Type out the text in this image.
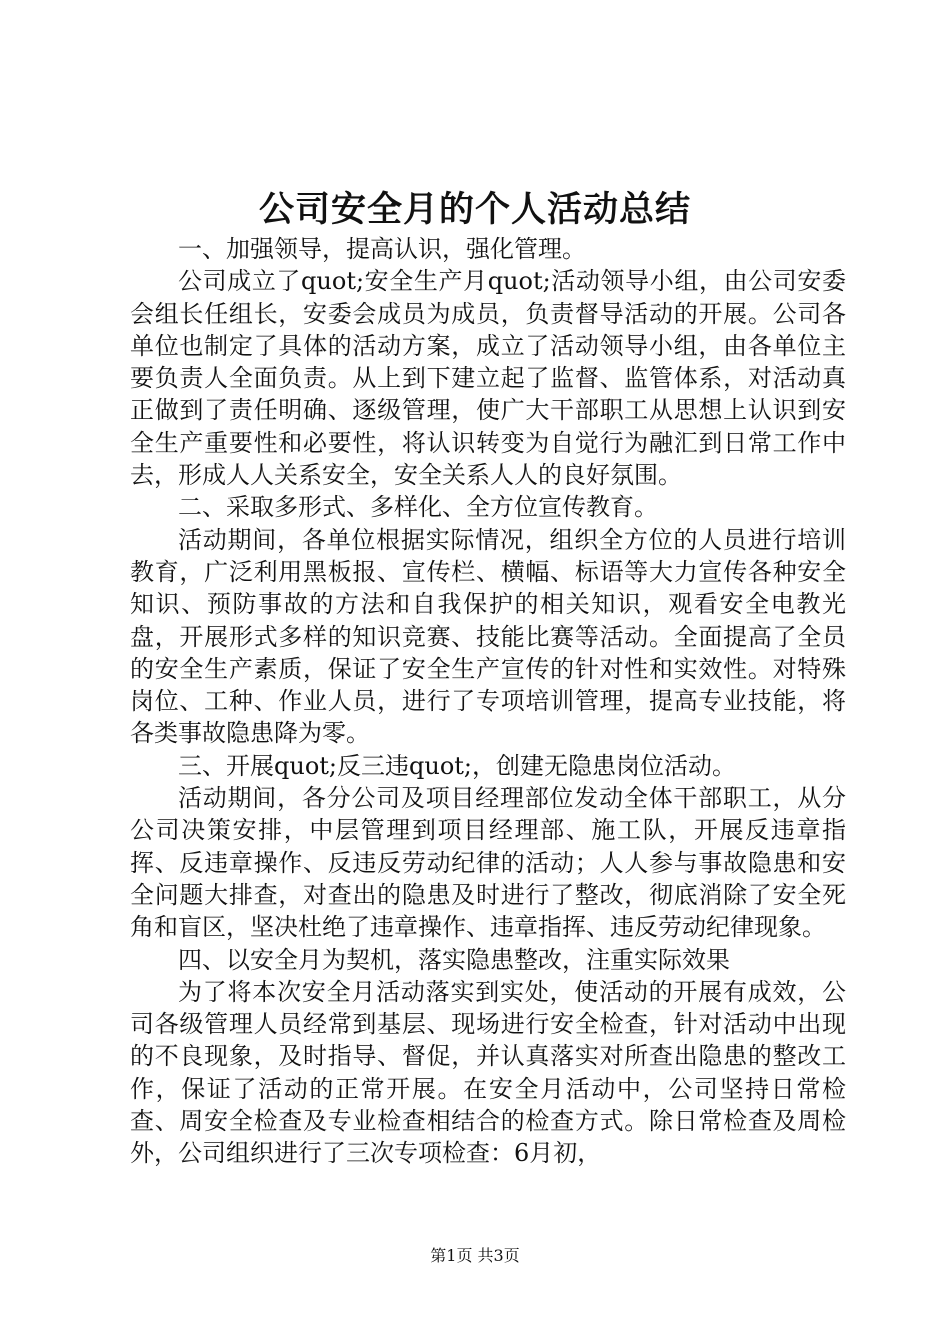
公司安全月的个人活动总结

一、加强领导，提高认识，强化管理。

公司成立了quot;安全生产月quot;活动领导小组，由公司安委会组长任组长，安委会成员为成员，负责督导活动的开展。公司各单位也制定了具体的活动方案，成立了活动领导小组，由各单位主要负责人全面负责。从上到下建立起了监督、监管体系，对活动真正做到了责任明确、逐级管理，使广大干部职工从思想上认识到安全生产重要性和必要性，将认识转变为自觉行为融汇到日常工作中去，形成人人关系安全，安全关系人人的良好氛围。

二、采取多形式、多样化、全方位宣传教育。

活动期间，各单位根据实际情况，组织全方位的人员进行培训教育，广泛利用黑板报、宣传栏、横幅、标语等大力宣传各种安全知识、预防事故的方法和自我保护的相关知识，观看安全电教光盘，开展形式多样的知识竞赛、技能比赛等活动。全面提高了全员的安全生产素质，保证了安全生产宣传的针对性和实效性。对特殊岗位、工种、作业人员，进行了专项培训管理，提高专业技能，将各类事故隐患降为零。

三、开展quot;反三违quot;，创建无隐患岗位活动。

活动期间，各分公司及项目经理部位发动全体干部职工，从分公司决策安排，中层管理到项目经理部、施工队，开展反违章指挥、反违章操作、反违反劳动纪律的活动；人人参与事故隐患和安全问题大排查，对查出的隐患及时进行了整改，彻底消除了安全死角和盲区，坚决杜绝了违章操作、违章指挥、违反劳动纪律现象。

四、以安全月为契机，落实隐患整改，注重实际效果

为了将本次安全月活动落实到实处，使活动的开展有成效，公司各级管理人员经常到基层、现场进行安全检查，针对活动中出现的不良现象，及时指导、督促，并认真落实对所查出隐患的整改工作，保证了活动的正常开展。在安全月活动中，公司坚持日常检查、周安全检查及专业检查相结合的检查方式。除日常检查及周检外，公司组织进行了三次专项检查：6月初，

第1页 共3页
